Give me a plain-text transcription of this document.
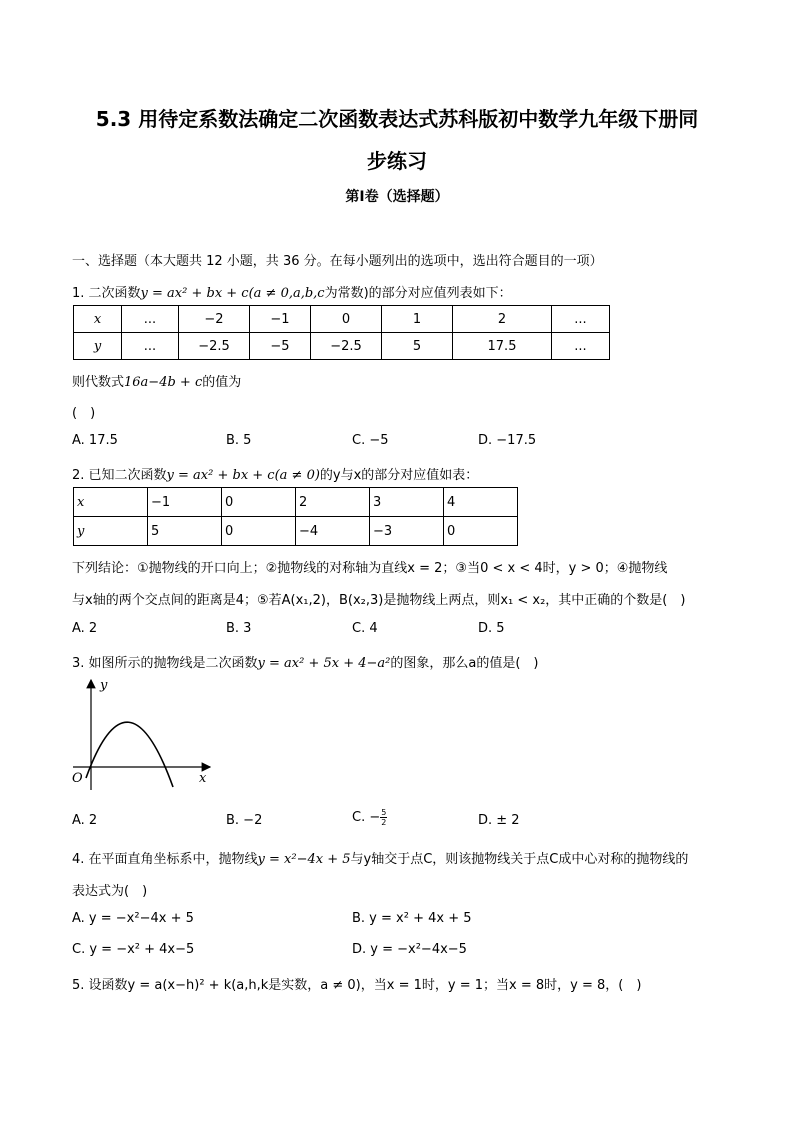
5.3 用待定系数法确定二次函数表达式苏科版初中数学九年级下册同
步练习
第I卷（选择题）
一、选择题（本大题共 12 小题，共 36 分。在每小题列出的选项中，选出符合题目的一项）
1. 二次函数y = ax² + bx + c(a ≠ 0,a,b,c为常数)的部分对应值列表如下：
x	...	−2	−1	0	1	2	...
y	...	−2.5	−5	−2.5	5	17.5	...
则代数式16a−4b + c的值为
(　)
A. 17.5	B. 5	C. −5	D. −17.5
2. 已知二次函数y = ax² + bx + c(a ≠ 0)的y与x的部分对应值如表：
x	−1	0	2	3	4
y	5	0	−4	−3	0
下列结论：①抛物线的开口向上；②抛物线的对称轴为直线x = 2；③当0 < x < 4时，y > 0；④抛物线
与x轴的两个交点间的距离是4；⑤若A(x₁,2)，B(x₂,3)是抛物线上两点，则x₁ < x₂，其中正确的个数是(　)
A. 2	B. 3	C. 4	D. 5
3. 如图所示的抛物线是二次函数y = ax² + 5x + 4−a²的图象，那么a的值是(　)
y
x
O
A. 2	B. −2	C. − $\frac{5}{2}$	D. ± 2
4. 在平面直角坐标系中，抛物线y = x²−4x + 5与y轴交于点C，则该抛物线关于点C成中心对称的抛物线的
表达式为(　)
A. y = −x²−4x + 5	B. y = x² + 4x + 5
C. y = −x² + 4x−5	D. y = −x²−4x−5
5. 设函数y = a(x−h)² + k(a,h,k是实数，a ≠ 0)，当x = 1时，y = 1；当x = 8时，y = 8，(　)
